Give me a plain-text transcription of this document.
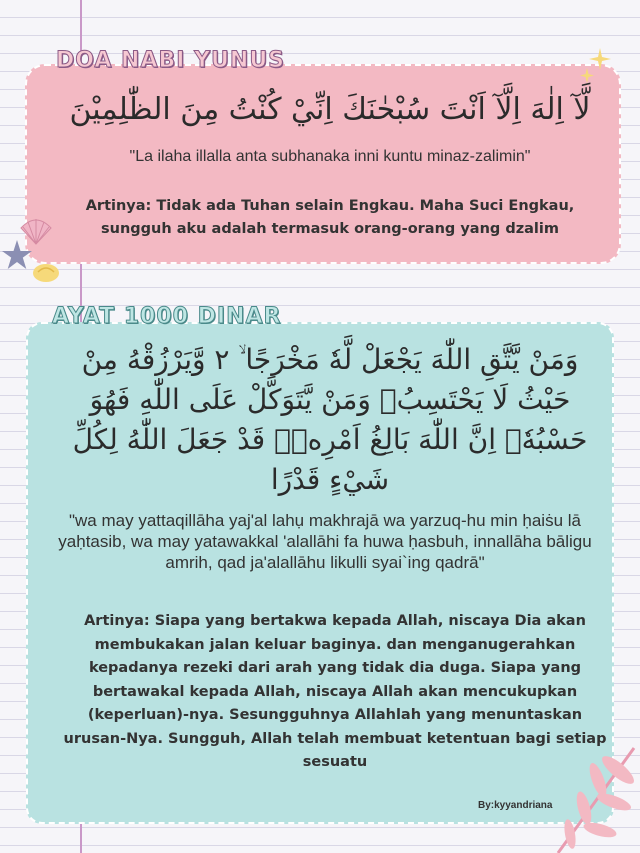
DOA NABI YUNUS
لَّآ اِلٰهَ اِلَّآ اَنْتَ سُبْحٰنَكَ اِنِّيْ كُنْتُ مِنَ الظّٰلِمِيْنَ
"La ilaha illalla anta subhanaka inni kuntu minaz-zalimin"
Artinya: Tidak ada Tuhan selain Engkau. Maha Suci Engkau, sungguh aku adalah termasuk orang-orang yang dzalim
AYAT 1000 DINAR
وَمَنْ يَّتَّقِ اللّٰهَ يَجْعَلْ لَّهٗ مَخْرَجًا ۙ ٢ وَّيَرْزُقْهُ مِنْ حَيْثُ لَا يَحْتَسِبُۗ وَمَنْ يَّتَوَكَّلْ عَلَى اللّٰهِ فَهُوَ حَسْبُهٗۗ اِنَّ اللّٰهَ بَالِغُ اَمْرِهٖۗ قَدْ جَعَلَ اللّٰهُ لِكُلِّ شَيْءٍ قَدْرًا
"wa may yattaqillāha yaj'al lahụ makhrajā wa yarzuq-hu min ḥaiṡu lā yaḥtasib, wa may yatawakkal 'alallāhi fa huwa ḥasbuh, innallāha bāligu amrih, qad ja'alallāhu likulli syai`ing qadrā"
Artinya: Siapa yang bertakwa kepada Allah, niscaya Dia akan membukakan jalan keluar baginya. dan menganugerahkan kepadanya rezeki dari arah yang tidak dia duga. Siapa yang bertawakal kepada Allah, niscaya Allah akan mencukupkan (keperluan)-nya. Sesungguhnya Allahlah yang menuntaskan urusan-Nya. Sungguh, Allah telah membuat ketentuan bagi setiap sesuatu
By:kyyandriana
